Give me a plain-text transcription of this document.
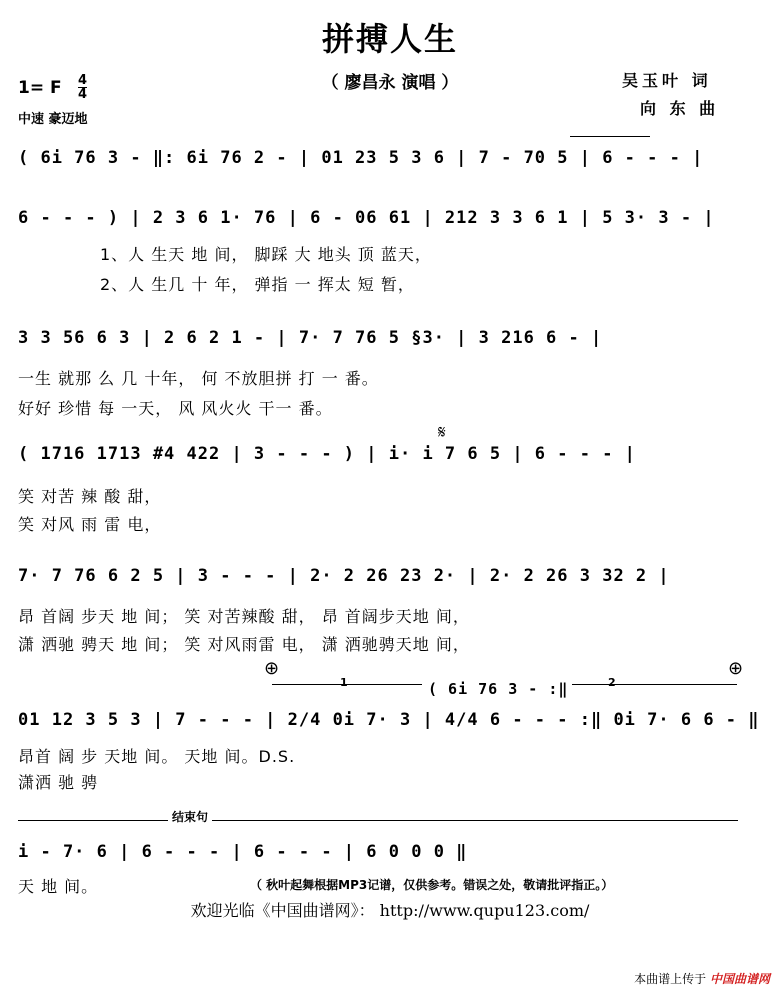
拼搏人生
（ 廖昌永 演唱 ）	吴玉叶 词
向 东 曲
1= F $\frac{4}{4}$
中速 豪迈地
( 6i 76 3 - ‖: 6i 76 2 - | 01 23 5 3 6 | 7 - 70 5 | 6 - - - |
6 - - - ) | 2 3 6 1· 76 | 6 - 06 61 | 212 3 3 6 1 | 5 3· 3 - |
1、人 生天 地 间， 脚踩 大 地头 顶 蓝天，
2、人 生几 十 年， 弹指 一 挥太 短 暂，
3 3 56 6 3 | 2 6 2 1 - | 7· 7 76 5 §3· | 3 216 6 - |
一生 就那 么 几 十年， 何 不放胆拼 打 一 番。
好好 珍惜 每 一天， 风 风火火 干一 番。
𝄋
( 1716 1713 #4 422 | 3 - - - ) | i· i 7 6 5 | 6 - - - |
笑 对苦 辣 酸 甜，
笑 对风 雨 雷 电，
7· 7 76 6 2 5 | 3 - - - | 2· 2 26 23 2· | 2· 2 26 3 32 2 |
昂 首阔 步天 地 间； 笑 对苦辣酸 甜， 昂 首阔步天地 间，
潇 洒驰 骋天 地 间； 笑 对风雨雷 电， 潇 洒驰骋天地 间，
⊕	⊕
1	( 6i 76 3 - :‖	2
01 12 3 5 3 | 7 - - - | 2/4 0i 7· 3 | 4/4 6 - - - :‖ 0i 7· 6 6 - ‖
昂首 阔 步 天地 间。 天地 间。D.S.
潇洒 驰 骋
结束句
i - 7· 6 | 6 - - - | 6 - - - | 6 0 0 0 ‖
天 地 间。	（ 秋叶起舞根据MP3记谱，仅供参考。错误之处，敬请批评指正。）
欢迎光临《中国曲谱网》： http://www.qupu123.com/
本曲谱上传于 中国曲谱网
